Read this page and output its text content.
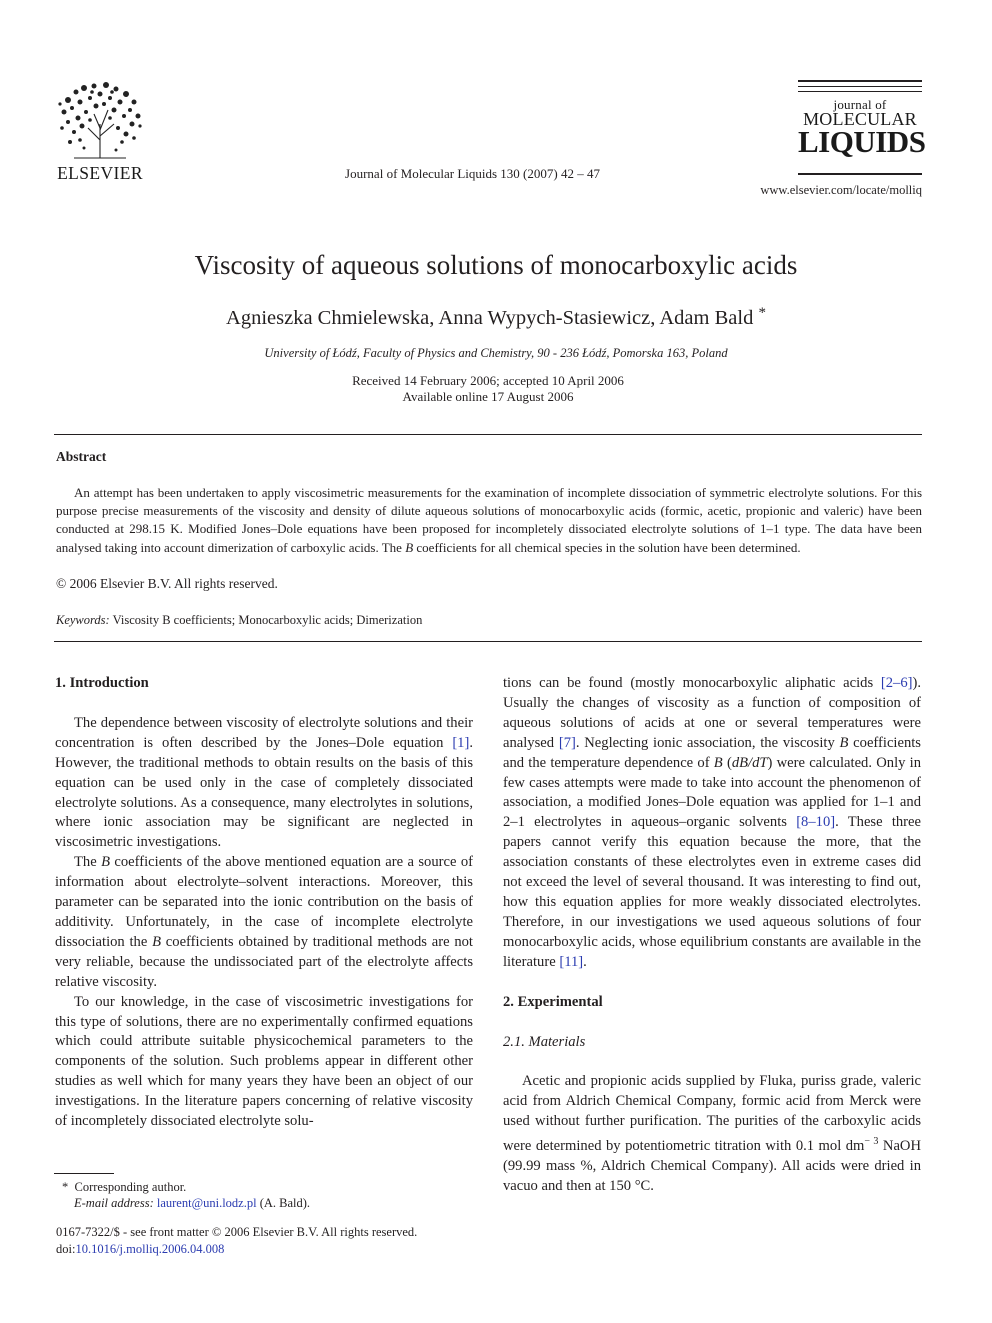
ELSEVIER	Journal of Molecular Liquids 130 (2007) 42 – 47
journal of
MOLECULAR
LIQUIDS
www.elsevier.com/locate/molliq
Viscosity of aqueous solutions of monocarboxylic acids
Agnieszka Chmielewska, Anna Wypych-Stasiewicz, Adam Bald *
University of Łódź, Faculty of Physics and Chemistry, 90 - 236 Łódź, Pomorska 163, Poland
Received 14 February 2006; accepted 10 April 2006
Available online 17 August 2006
Abstract
An attempt has been undertaken to apply viscosimetric measurements for the examination of incomplete dissociation of symmetric electrolyte solutions. For this purpose precise measurements of the viscosity and density of dilute aqueous solutions of monocarboxylic acids (formic, acetic, propionic and valeric) have been conducted at 298.15 K. Modified Jones–Dole equations have been proposed for incompletely dissociated electrolyte solutions of 1–1 type. The data have been analysed taking into account dimerization of carboxylic acids. The B coefficients for all chemical species in the solution have been determined.
© 2006 Elsevier B.V. All rights reserved.
Keywords: Viscosity B coefficients; Monocarboxylic acids; Dimerization
1. Introduction
The dependence between viscosity of electrolyte solutions and their concentration is often described by the Jones–Dole equation [1]. However, the traditional methods to obtain results on the basis of this equation can be used only in the case of completely dissociated electrolyte solutions. As a consequence, many electrolytes in solutions, where ionic association may be significant are neglected in viscosimetric investigations.
The B coefficients of the above mentioned equation are a source of information about electrolyte–solvent interactions. Moreover, this parameter can be separated into the ionic contribution on the basis of additivity. Unfortunately, in the case of incomplete electrolyte dissociation the B coefficients obtained by traditional methods are not very reliable, because the undissociated part of the electrolyte affects relative viscosity.
To our knowledge, in the case of viscosimetric investigations for this type of solutions, there are no experimentally confirmed equations which could attribute suitable physicochemical parameters to the components of the solution. Such problems appear in different other studies as well which for many years they have been an object of our investigations. In the literature papers concerning of relative viscosity of incompletely dissociated electrolyte solu-
tions can be found (mostly monocarboxylic aliphatic acids [2–6]). Usually the changes of viscosity as a function of composition of aqueous solutions of acids at one or several temperatures were analysed [7]. Neglecting ionic association, the viscosity B coefficients and the temperature dependence of B (dB/dT) were calculated. Only in few cases attempts were made to take into account the phenomenon of association, a modified Jones–Dole equation was applied for 1–1 and 2–1 electrolytes in aqueous–organic solvents [8–10]. These three papers cannot verify this equation because the more, that the association constants of these electrolytes even in extreme cases did not exceed the level of several thousand. It was interesting to find out, how this equation applies for more weakly dissociated electrolytes. Therefore, in our investigations we used aqueous solutions of four monocarboxylic acids, whose equilibrium constants are available in the literature [11].
2. Experimental
2.1. Materials
Acetic and propionic acids supplied by Fluka, puriss grade, valeric acid from Aldrich Chemical Company, formic acid from Merck were used without further purification. The purities of the carboxylic acids were determined by potentiometric titration with 0.1 mol $dm^{- 3}$ NaOH (99.99 mass %, Aldrich Chemical Company). All acids were dried in vacuo and then at 150 °C.
* Corresponding author.
E-mail address: laurent@uni.lodz.pl (A. Bald).
0167-7322/$ - see front matter © 2006 Elsevier B.V. All rights reserved.
doi:10.1016/j.molliq.2006.04.008
